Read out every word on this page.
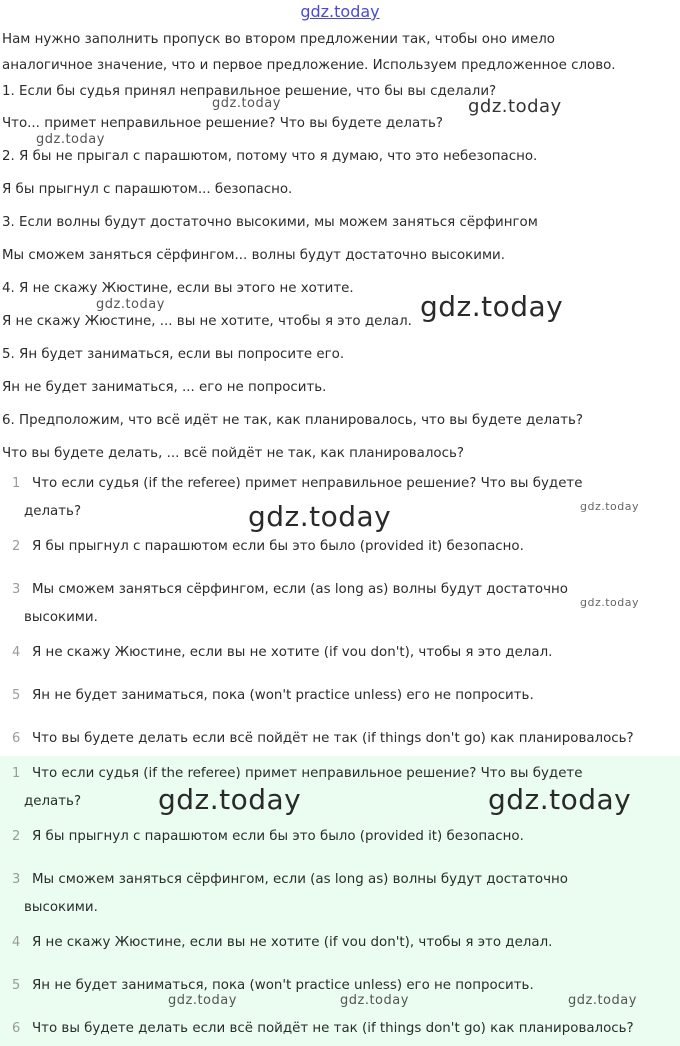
gdz.today
Нам нужно заполнить пропуск во втором предложении так, чтобы оно имело
аналогичное значение, что и первое предложение. Используем предложенное слово.
1. Если бы судья принял неправильное решение, что бы вы сделали?
Что... примет неправильное решение? Что вы будете делать?
2. Я бы не прыгал с парашютом, потому что я думаю, что это небезопасно.
Я бы прыгнул с парашютом... безопасно.
3. Если волны будут достаточно высокими, мы можем заняться сёрфингом
Мы сможем заняться сёрфингом... волны будут достаточно высокими.
4. Я не скажу Жюстине, если вы этого не хотите.
Я не скажу Жюстине, ... вы не хотите, чтобы я это делал.
5. Ян будет заниматься, если вы попросите его.
Ян не будет заниматься, ... его не попросить.
6. Предположим, что всё идёт не так, как планировалось, что вы будете делать?
Что вы будете делать, ... всё пойдёт не так, как планировалось?
1 Что если судья (if the referee) примет неправильное решение? Что вы будете
делать?
2 Я бы прыгнул с парашютом если бы это было (provided it) безопасно.
3 Мы сможем заняться сёрфингом, если (as long as) волны будут достаточно
высокими.
4 Я не скажу Жюстине, если вы не хотите (if vou don't), чтобы я это делал.
5 Ян не будет заниматься, пока (won't practice unless) его не попросить.
6 Что вы будете делать если всё пойдёт не так (if things don't go) как планировалось?
1 Что если судья (if the referee) примет неправильное решение? Что вы будете
делать?
2 Я бы прыгнул с парашютом если бы это было (provided it) безопасно.
3 Мы сможем заняться сёрфингом, если (as long as) волны будут достаточно
высокими.
4 Я не скажу Жюстине, если вы не хотите (if vou don't), чтобы я это делал.
5 Ян не будет заниматься, пока (won't practice unless) его не попросить.
6 Что вы будете делать если всё пойдёт не так (if things don't go) как планировалось?
gdz.today	gdz.today
gdz.today
gdz.today	gdz.today
gdz.today	gdz.today
gdz.today
gdz.today	gdz.today
gdz.today	gdz.today	gdz.today
